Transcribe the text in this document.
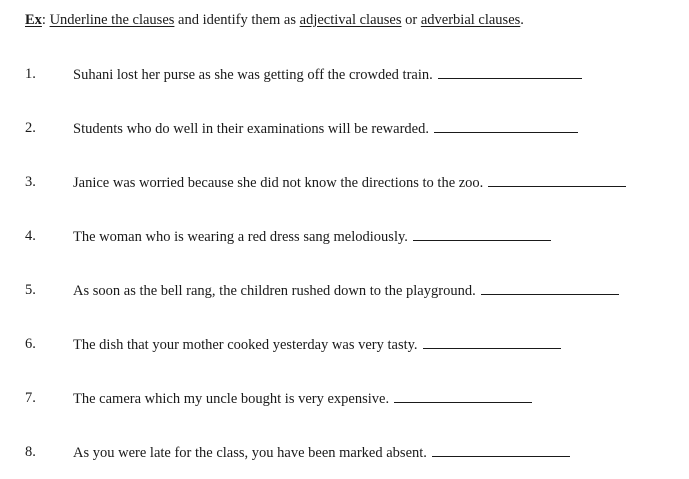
Ex: Underline the clauses and identify them as adjectival clauses or adverbial clauses.
1.	Suhani lost her purse as she was getting off the crowded train.
2.	Students who do well in their examinations will be rewarded.
3.	Janice was worried because she did not know the directions to the zoo.
4.	The woman who is wearing a red dress sang melodiously.
5.	As soon as the bell rang, the children rushed down to the playground.
6.	The dish that your mother cooked yesterday was very tasty.
7.	The camera which my uncle bought is very expensive.
8.	As you were late for the class, you have been marked absent.
